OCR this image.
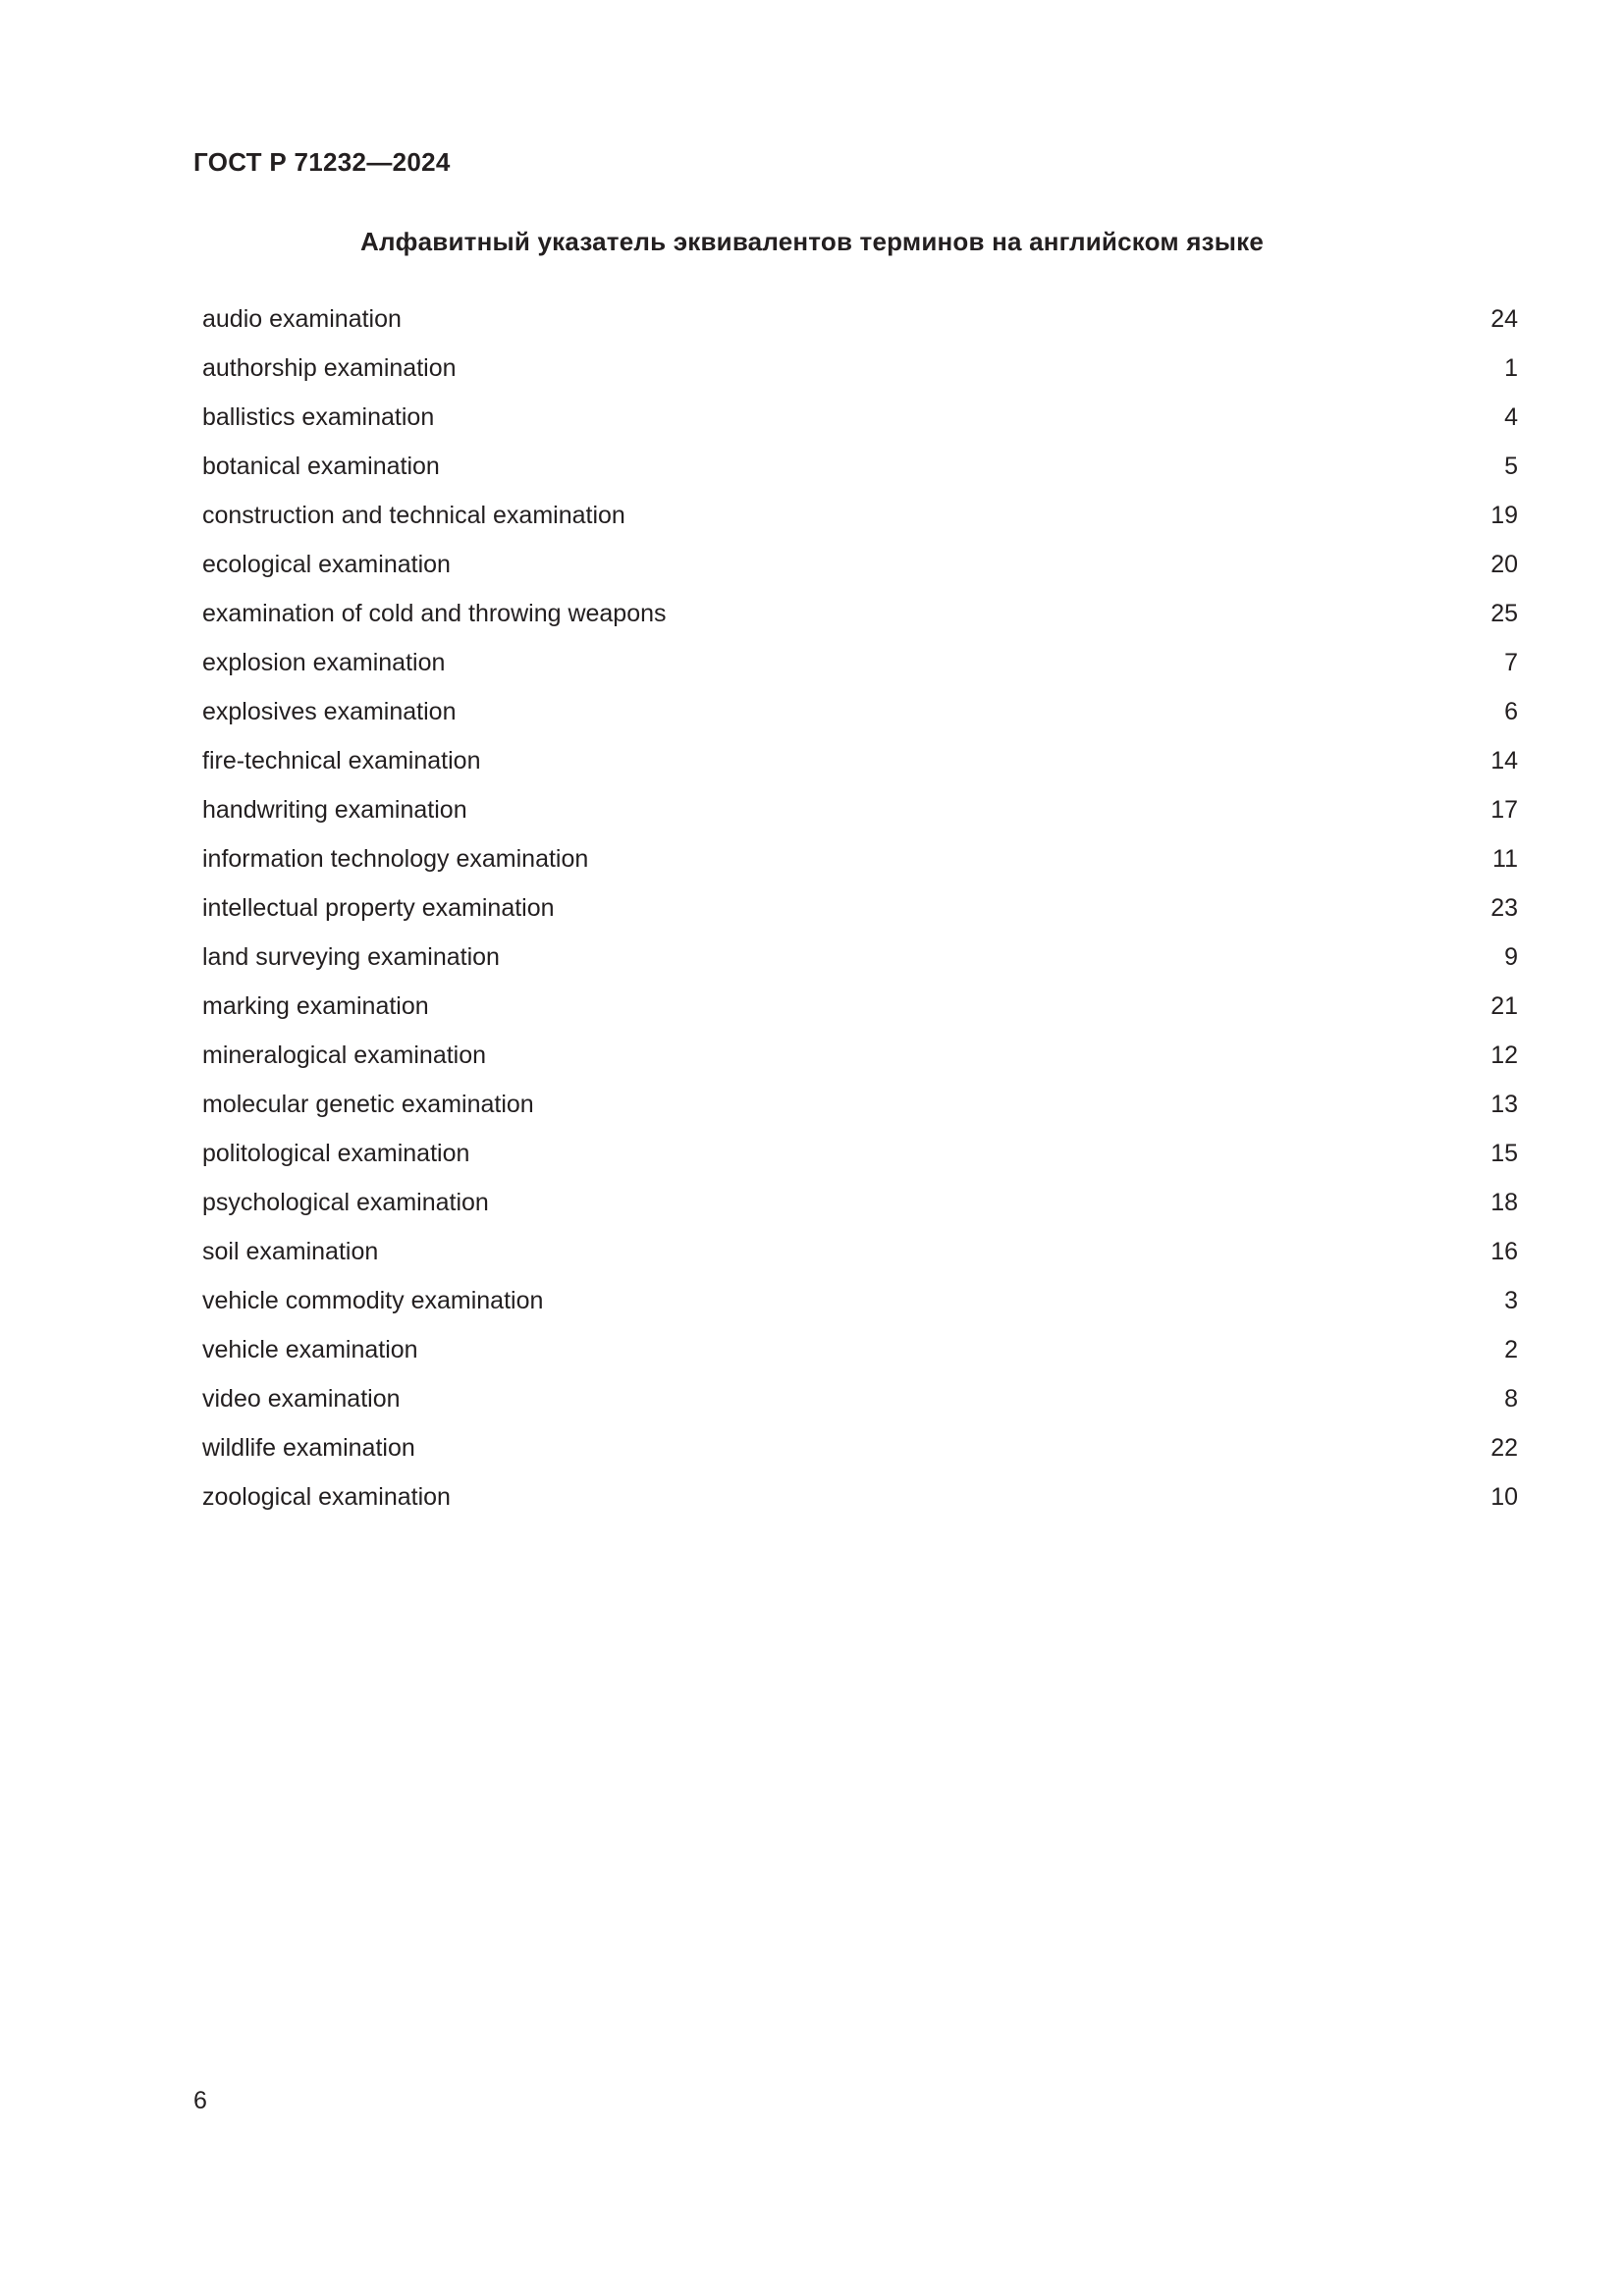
ГОСТ Р 71232—2024
Алфавитный указатель эквивалентов терминов на английском языке
audio examination	24
authorship examination	1
ballistics examination	4
botanical examination	5
construction and technical examination	19
ecological examination	20
examination of cold and throwing weapons	25
explosion examination	7
explosives examination	6
fire-technical examination	14
handwriting examination	17
information technology examination	11
intellectual property examination	23
land surveying examination	9
marking examination	21
mineralogical examination	12
molecular genetic examination	13
politological examination	15
psychological examination	18
soil examination	16
vehicle commodity examination	3
vehicle examination	2
video examination	8
wildlife examination	22
zoological examination	10
6
